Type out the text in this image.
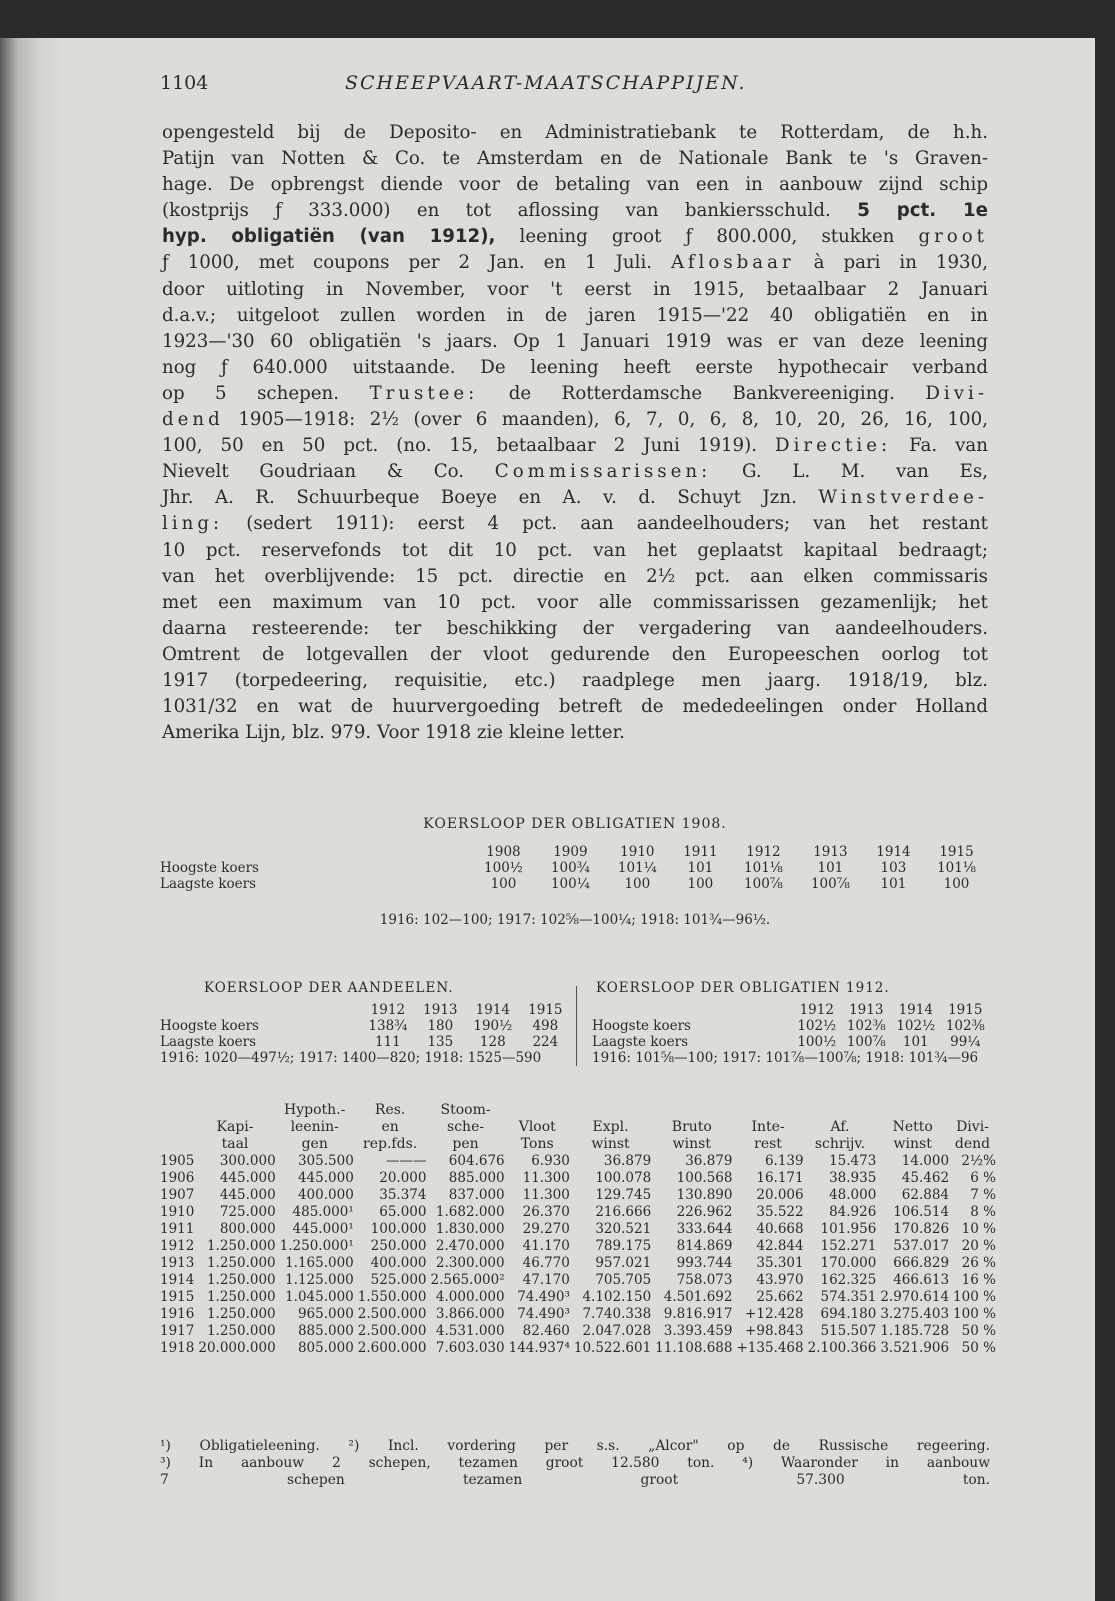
1104	SCHEEPVAART-MAATSCHAPPIJEN.
opengesteld bij de Deposito- en Administratiebank te Rotterdam, de h.h.
Patijn van Notten & Co. te Amsterdam en de Nationale Bank te 's Graven-
hage. De opbrengst diende voor de betaling van een in aanbouw zijnd schip
(kostprijs ƒ 333.000) en tot aflossing van bankiersschuld. 5 pct. 1e
hyp. obligatiën (van 1912), leening groot ƒ 800.000, stukken groot
ƒ 1000, met coupons per 2 Jan. en 1 Juli. Aflosbaar à pari in 1930,
door uitloting in November, voor 't eerst in 1915, betaalbaar 2 Januari
d.a.v.; uitgeloot zullen worden in de jaren 1915—'22 40 obligatiën en in
1923—'30 60 obligatiën 's jaars. Op 1 Januari 1919 was er van deze leening
nog ƒ 640.000 uitstaande. De leening heeft eerste hypothecair verband
op 5 schepen. Trustee: de Rotterdamsche Bankvereeniging. Divi-
dend 1905—1918: 2½ (over 6 maanden), 6, 7, 0, 6, 8, 10, 20, 26, 16, 100,
100, 50 en 50 pct. (no. 15, betaalbaar 2 Juni 1919). Directie: Fa. van
Nievelt Goudriaan & Co. Commissarissen: G. L. M. van Es,
Jhr. A. R. Schuurbeque Boeye en A. v. d. Schuyt Jzn. Winstverdee-
ling: (sedert 1911): eerst 4 pct. aan aandeelhouders; van het restant
10 pct. reservefonds tot dit 10 pct. van het geplaatst kapitaal bedraagt;
van het overblijvende: 15 pct. directie en 2½ pct. aan elken commissaris
met een maximum van 10 pct. voor alle commissarissen gezamenlijk; het
daarna resteerende: ter beschikking der vergadering van aandeelhouders.
Omtrent de lotgevallen der vloot gedurende den Europeeschen oorlog tot
1917 (torpedeering, requisitie, etc.) raadplege men jaarg. 1918/19, blz.
1031/32 en wat de huurvergoeding betreft de mededeelingen onder Holland
Amerika Lijn, blz. 979. Voor 1918 zie kleine letter.
KOERSLOOP DER OBLIGATIEN 1908.
	1908	1909	1910	1911	1912	1913	1914	1915
Hoogste koers	100½	100¾	101¼	101	101⅛	101	103	101⅛
Laagste koers	100	100¼	100	100	100⅞	100⅞	101	100
1916: 102—100; 1917: 102⅝—100¼; 1918: 101¾—96½.
KOERSLOOP DER AANDEELEN.
	1912	1913	1914	1915
Hoogste koers	138¾	180	190½	498
Laagste koers	111	135	128	224
1916: 1020—497½; 1917: 1400—820; 1918: 1525—590				
KOERSLOOP DER OBLIGATIEN 1912.
	1912	1913	1914	1915
Hoogste koers	102½	102⅜	102½	102⅜
Laagste koers	100½	100⅞	101	99¼
1916: 101⅝—100; 1917: 101⅞—100⅞; 1918: 101¾—96				
		Hypoth.-	Res.	Stoom-							
	Kapi-	leenin-	en	sche-	Vloot	Expl.	Bruto	Inte-	Af.	Netto	Divi-
	taal	gen	rep.fds.	pen	Tons	winst	winst	rest	schrijv.	winst	dend
1905	300.000	305.500	———	604.676	6.930	36.879	36.879	6.139	15.473	14.000	2½%
1906	445.000	445.000	20.000	885.000	11.300	100.078	100.568	16.171	38.935	45.462	6 %
1907	445.000	400.000	35.374	837.000	11.300	129.745	130.890	20.006	48.000	62.884	7 %
1910	725.000	485.000¹	65.000	1.682.000	26.370	216.666	226.962	35.522	84.926	106.514	8 %
1911	800.000	445.000¹	100.000	1.830.000	29.270	320.521	333.644	40.668	101.956	170.826	10 %
1912	1.250.000	1.250.000¹	250.000	2.470.000	41.170	789.175	814.869	42.844	152.271	537.017	20 %
1913	1.250.000	1.165.000	400.000	2.300.000	46.770	957.021	993.744	35.301	170.000	666.829	26 %
1914	1.250.000	1.125.000	525.000	2.565.000²	47.170	705.705	758.073	43.970	162.325	466.613	16 %
1915	1.250.000	1.045.000	1.550.000	4.000.000	74.490³	4.102.150	4.501.692	25.662	574.351	2.970.614	100 %
1916	1.250.000	965.000	2.500.000	3.866.000	74.490³	7.740.338	9.816.917	+12.428	694.180	3.275.403	100 %
1917	1.250.000	885.000	2.500.000	4.531.000	82.460	2.047.028	3.393.459	+98.843	515.507	1.185.728	50 %
1918	20.000.000	805.000	2.600.000	7.603.030	144.937⁴	10.522.601	11.108.688	+135.468	2.100.366	3.521.906	50 %
¹) Obligatieleening. ²) Incl. vordering per s.s. „Alcor" op de Russische regeering.
³) In aanbouw 2 schepen, tezamen groot 12.580 ton. ⁴) Waaronder in aanbouw
7 schepen tezamen groot 57.300 ton.
